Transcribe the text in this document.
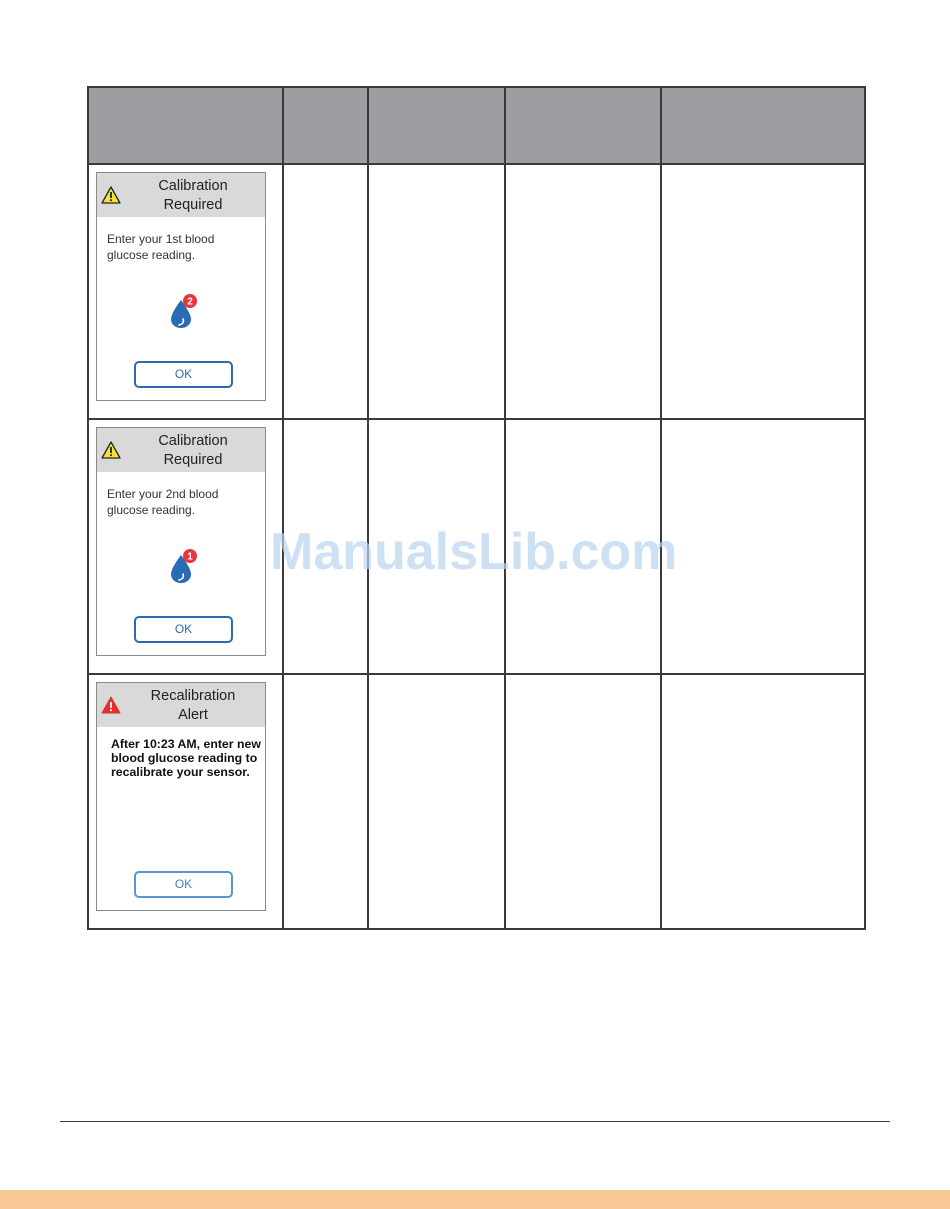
Calibration
Required
Enter your 1st blood glucose reading.
2
OK				

Calibration
Required
Enter your 2nd blood glucose reading.
1
OK				

Recalibration
Alert
After 10:23 AM, enter new blood glucose reading to recalibrate your sensor.
OK				

ManualsLib.com
